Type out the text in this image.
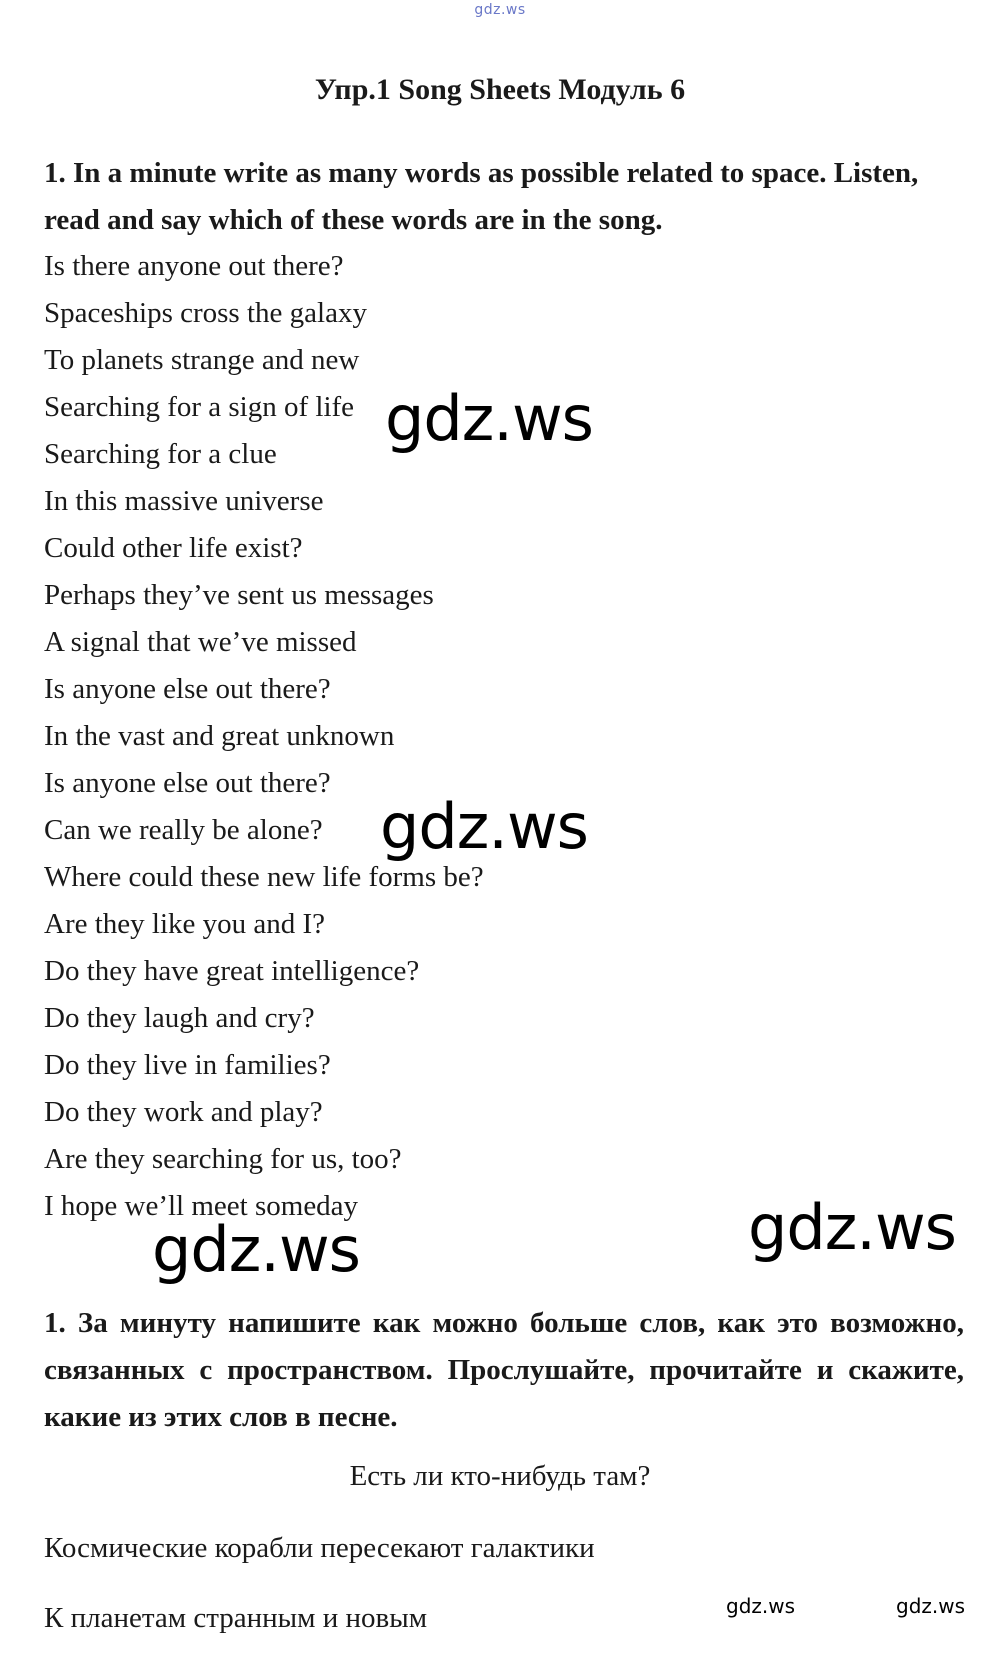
gdz.ws
Упр.1 Song Sheets Модуль 6
1. In a minute write as many words as possible related to space. Listen, read and say which of these words are in the song.
Is there anyone out there?
Spaceships cross the galaxy
To planets strange and new
Searching for a sign of life
Searching for a clue
In this massive universe
Could other life exist?
Perhaps they’ve sent us messages
A signal that we’ve missed
Is anyone else out there?
In the vast and great unknown
Is anyone else out there?
Can we really be alone?
Where could these new life forms be?
Are they like you and I?
Do they have great intelligence?
Do they laugh and cry?
Do they live in families?
Do they work and play?
Are they searching for us, too?
I hope we’ll meet someday
1. За минуту напишите как можно больше слов, как это возможно, связанных с пространством. Прослушайте, прочитайте и скажите, какие из этих слов в песне.
Есть ли кто-нибудь там?
Космические корабли пересекают галактики
К планетам странным и новым
gdz.ws
gdz.ws
gdz.ws	gdz.ws
gdz.ws	gdz.ws
